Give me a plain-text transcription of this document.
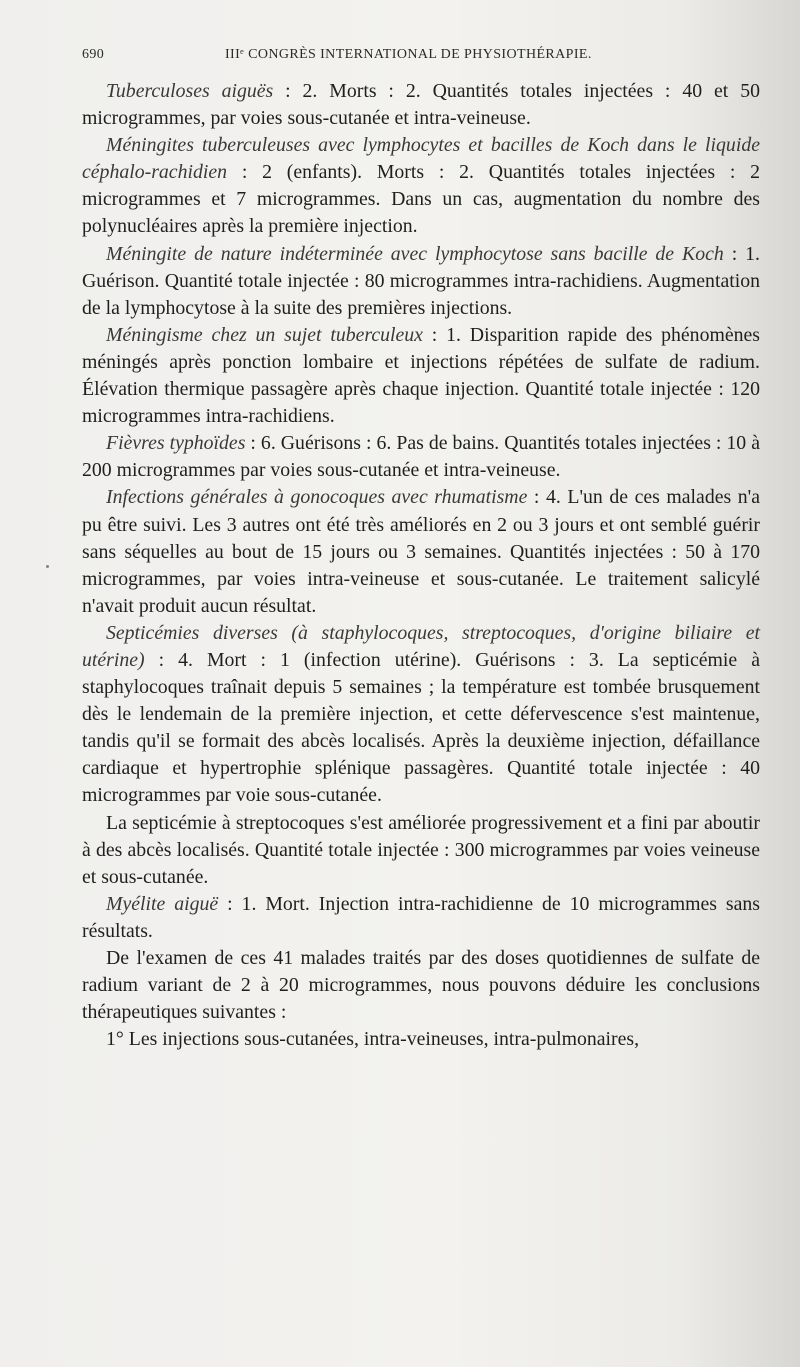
690	IIIᵉ CONGRÈS INTERNATIONAL DE PHYSIOTHÉRAPIE.

Tuberculoses aiguës : 2. Morts : 2. Quantités totales injectées : 40 et 50 microgrammes, par voies sous-cutanée et intra-veineuse.

Méningites tuberculeuses avec lymphocytes et bacilles de Koch dans le liquide céphalo-rachidien : 2 (enfants). Morts : 2. Quantités totales injectées : 2 microgrammes et 7 microgrammes. Dans un cas, augmentation du nombre des polynucléaires après la première injection.

Méningite de nature indéterminée avec lymphocytose sans bacille de Koch : 1. Guérison. Quantité totale injectée : 80 microgrammes intra-rachidiens. Augmentation de la lymphocytose à la suite des premières injections.

Méningisme chez un sujet tuberculeux : 1. Disparition rapide des phénomènes méningés après ponction lombaire et injections répétées de sulfate de radium. Élévation thermique passagère après chaque injection. Quantité totale injectée : 120 microgrammes intra-rachidiens.

Fièvres typhoïdes : 6. Guérisons : 6. Pas de bains. Quantités totales injectées : 10 à 200 microgrammes par voies sous-cutanée et intra-veineuse.

Infections générales à gonocoques avec rhumatisme : 4. L'un de ces malades n'a pu être suivi. Les 3 autres ont été très améliorés en 2 ou 3 jours et ont semblé guérir sans séquelles au bout de 15 jours ou 3 semaines. Quantités injectées : 50 à 170 microgrammes, par voies intra-veineuse et sous-cutanée. Le traitement salicylé n'avait produit aucun résultat.

Septicémies diverses (à staphylocoques, streptocoques, d'origine biliaire et utérine) : 4. Mort : 1 (infection utérine). Guérisons : 3. La septicémie à staphylocoques traînait depuis 5 semaines ; la température est tombée brusquement dès le lendemain de la première injection, et cette défervescence s'est maintenue, tandis qu'il se formait des abcès localisés. Après la deuxième injection, défaillance cardiaque et hypertrophie splénique passagères. Quantité totale injectée : 40 microgrammes par voie sous-cutanée.

La septicémie à streptocoques s'est améliorée progressivement et a fini par aboutir à des abcès localisés. Quantité totale injectée : 300 microgrammes par voies veineuse et sous-cutanée.

Myélite aiguë : 1. Mort. Injection intra-rachidienne de 10 microgrammes sans résultats.

De l'examen de ces 41 malades traités par des doses quotidiennes de sulfate de radium variant de 2 à 20 microgrammes, nous pouvons déduire les conclusions thérapeutiques suivantes :

1° Les injections sous-cutanées, intra-veineuses, intra-pulmonaires,
